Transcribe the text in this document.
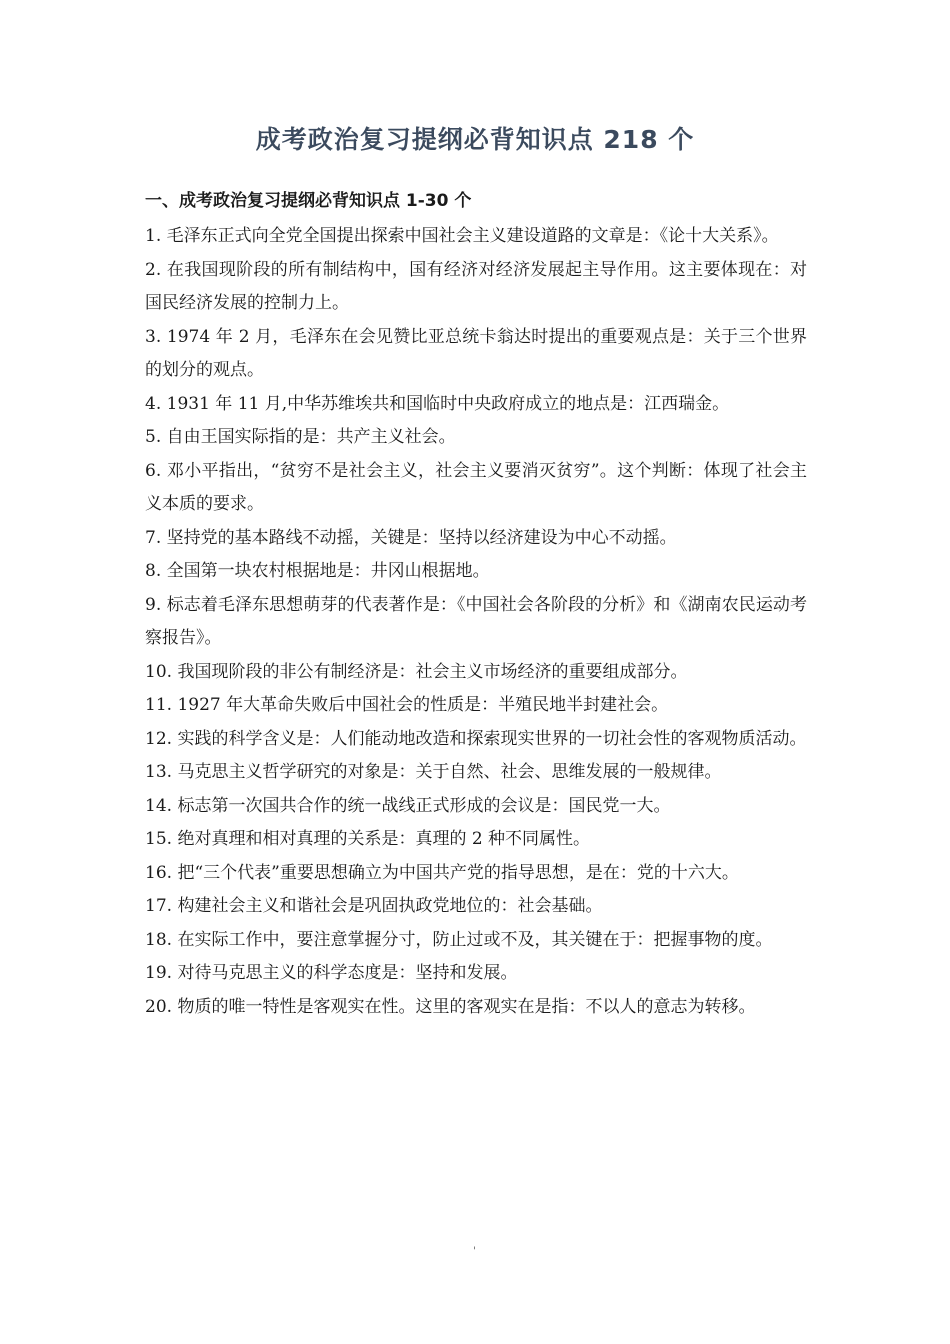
成考政治复习提纲必背知识点 218 个
一、成考政治复习提纲必背知识点 1-30 个
1. 毛泽东正式向全党全国提出探索中国社会主义建设道路的文章是：《论十大关系》。
2. 在我国现阶段的所有制结构中，国有经济对经济发展起主导作用。这主要体现在：对国民经济发展的控制力上。
3. 1974 年 2 月，毛泽东在会见赞比亚总统卡翁达时提出的重要观点是：关于三个世界的划分的观点。
4. 1931 年 11 月,中华苏维埃共和国临时中央政府成立的地点是：江西瑞金。
5. 自由王国实际指的是：共产主义社会。
6. 邓小平指出，“贫穷不是社会主义，社会主义要消灭贫穷”。这个判断：体现了社会主义本质的要求。
7. 坚持党的基本路线不动摇，关键是：坚持以经济建设为中心不动摇。
8. 全国第一块农村根据地是：井冈山根据地。
9. 标志着毛泽东思想萌芽的代表著作是：《中国社会各阶段的分析》和《湖南农民运动考察报告》。
10. 我国现阶段的非公有制经济是：社会主义市场经济的重要组成部分。
11. 1927 年大革命失败后中国社会的性质是：半殖民地半封建社会。
12. 实践的科学含义是：人们能动地改造和探索现实世界的一切社会性的客观物质活动。
13. 马克思主义哲学研究的对象是：关于自然、社会、思维发展的一般规律。
14. 标志第一次国共合作的统一战线正式形成的会议是：国民党一大。
15. 绝对真理和相对真理的关系是：真理的 2 种不同属性。
16. 把“三个代表”重要思想确立为中国共产党的指导思想，是在：党的十六大。
17. 构建社会主义和谐社会是巩固执政党地位的：社会基础。
18. 在实际工作中，要注意掌握分寸，防止过或不及，其关键在于：把握事物的度。
19. 对待马克思主义的科学态度是：坚持和发展。
20. 物质的唯一特性是客观实在性。这里的客观实在是指：不以人的意志为转移。
'
